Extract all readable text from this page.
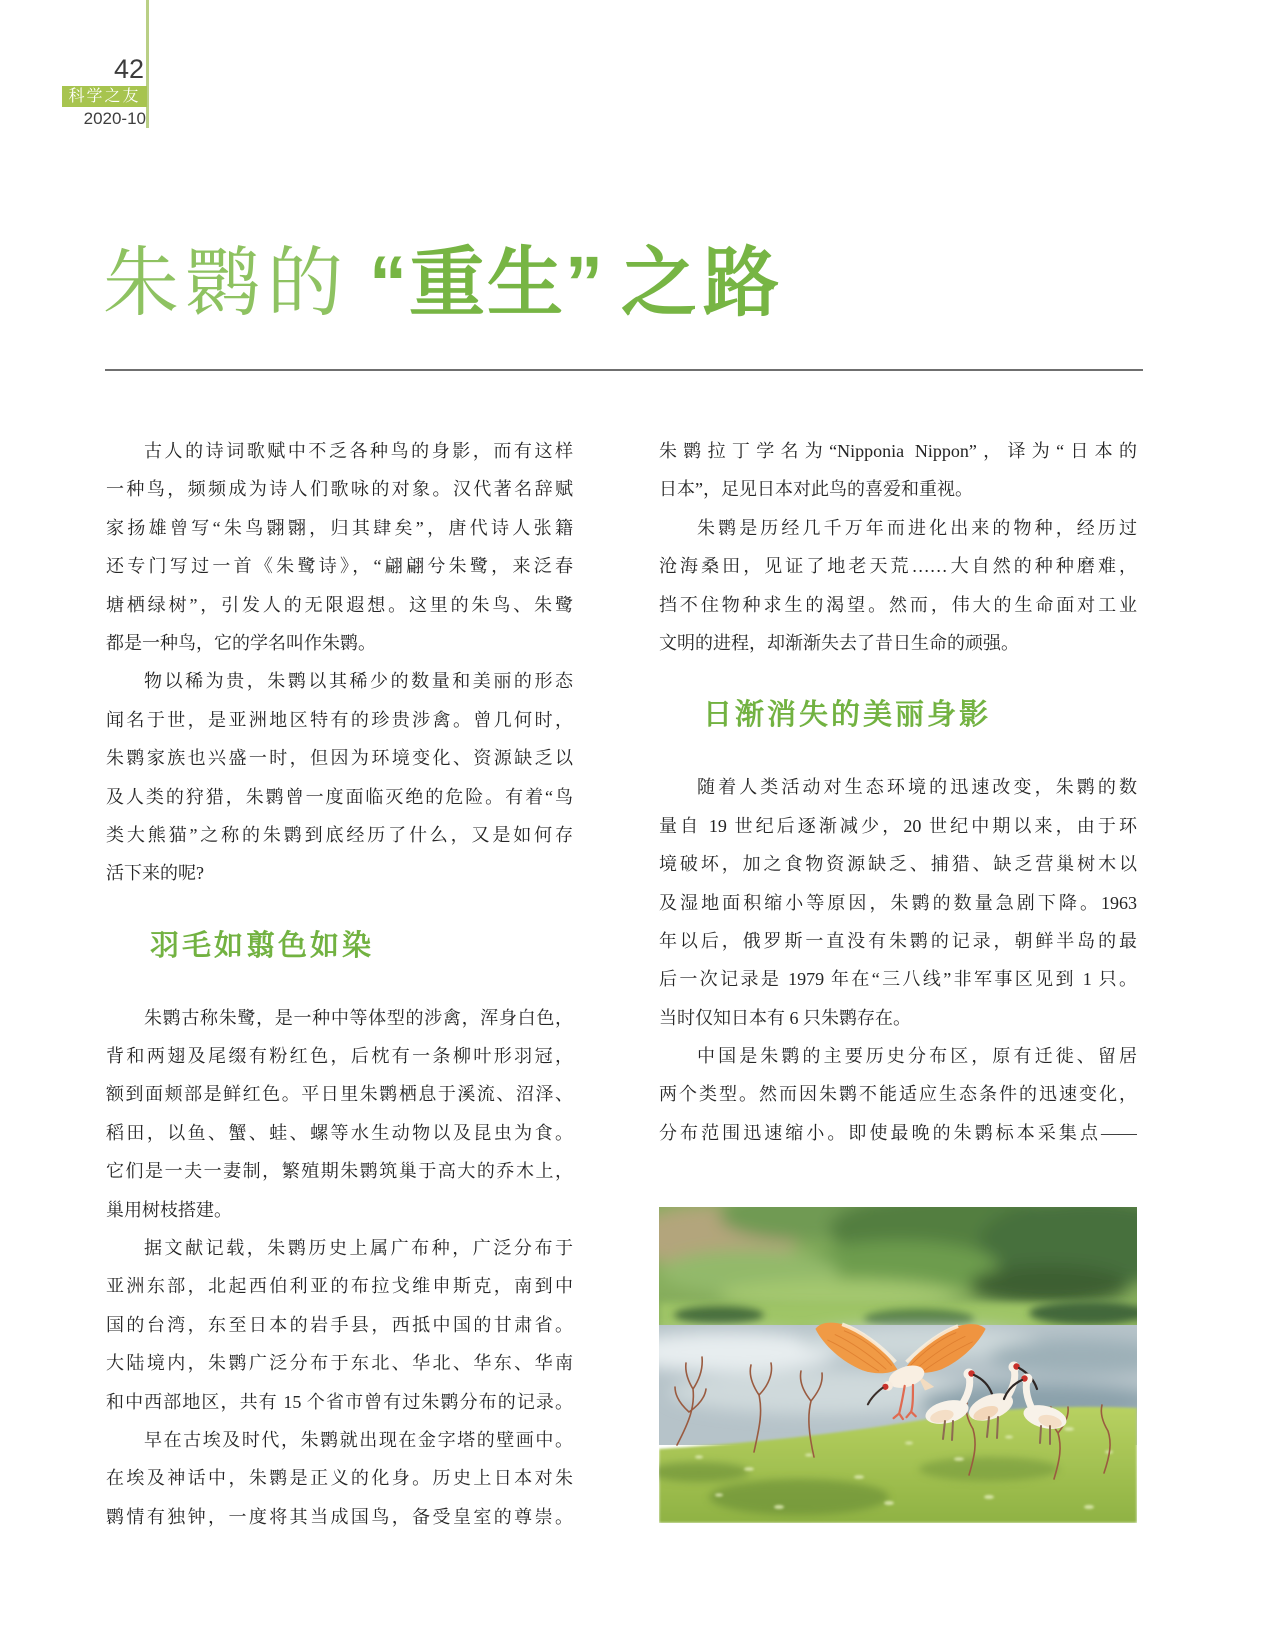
42
科学之友
2020-10
朱鹮的 “重生” 之路
古人的诗词歌赋中不乏各种鸟的身影，而有这样
一种鸟，频频成为诗人们歌咏的对象。汉代著名辞赋
家扬雄曾写“朱鸟翾翾，归其肆矣”，唐代诗人张籍
还专门写过一首《朱鹭诗》，“翩翩兮朱鹭，来泛春
塘栖绿树”，引发人的无限遐想。这里的朱鸟、朱鹭
都是一种鸟，它的学名叫作朱鹮。
物以稀为贵，朱鹮以其稀少的数量和美丽的形态
闻名于世，是亚洲地区特有的珍贵涉禽。曾几何时，
朱鹮家族也兴盛一时，但因为环境变化、资源缺乏以
及人类的狩猎，朱鹮曾一度面临灭绝的危险。有着“鸟
类大熊猫”之称的朱鹮到底经历了什么，又是如何存
活下来的呢?
羽毛如翦色如染
朱鹮古称朱鹭，是一种中等体型的涉禽，浑身白色，
背和两翅及尾缀有粉红色，后枕有一条柳叶形羽冠，
额到面颊部是鲜红色。平日里朱鹮栖息于溪流、沼泽、
稻田，以鱼、蟹、蛙、螺等水生动物以及昆虫为食。
它们是一夫一妻制，繁殖期朱鹮筑巢于高大的乔木上，
巢用树枝搭建。
据文献记载，朱鹮历史上属广布种，广泛分布于
亚洲东部，北起西伯利亚的布拉戈维申斯克，南到中
国的台湾，东至日本的岩手县，西抵中国的甘肃省。
大陆境内，朱鹮广泛分布于东北、华北、华东、华南
和中西部地区，共有 15 个省市曾有过朱鹮分布的记录。
早在古埃及时代，朱鹮就出现在金字塔的壁画中。
在埃及神话中，朱鹮是正义的化身。历史上日本对朱
鹮情有独钟，一度将其当成国鸟，备受皇室的尊崇。
朱鹮拉丁学名为“Nipponia Nippon”，译为“日本的
日本”，足见日本对此鸟的喜爱和重视。
朱鹮是历经几千万年而进化出来的物种，经历过
沧海桑田，见证了地老天荒……大自然的种种磨难，
挡不住物种求生的渴望。然而，伟大的生命面对工业
文明的进程，却渐渐失去了昔日生命的顽强。
日渐消失的美丽身影
随着人类活动对生态环境的迅速改变，朱鹮的数
量自 19 世纪后逐渐减少，20 世纪中期以来，由于环
境破坏，加之食物资源缺乏、捕猎、缺乏营巢树木以
及湿地面积缩小等原因，朱鹮的数量急剧下降。1963
年以后，俄罗斯一直没有朱鹮的记录，朝鲜半岛的最
后一次记录是 1979 年在“三八线”非军事区见到 1 只。
当时仅知日本有 6 只朱鹮存在。
中国是朱鹮的主要历史分布区，原有迁徙、留居
两个类型。然而因朱鹮不能适应生态条件的迅速变化，
分布范围迅速缩小。即使最晚的朱鹮标本采集点——
